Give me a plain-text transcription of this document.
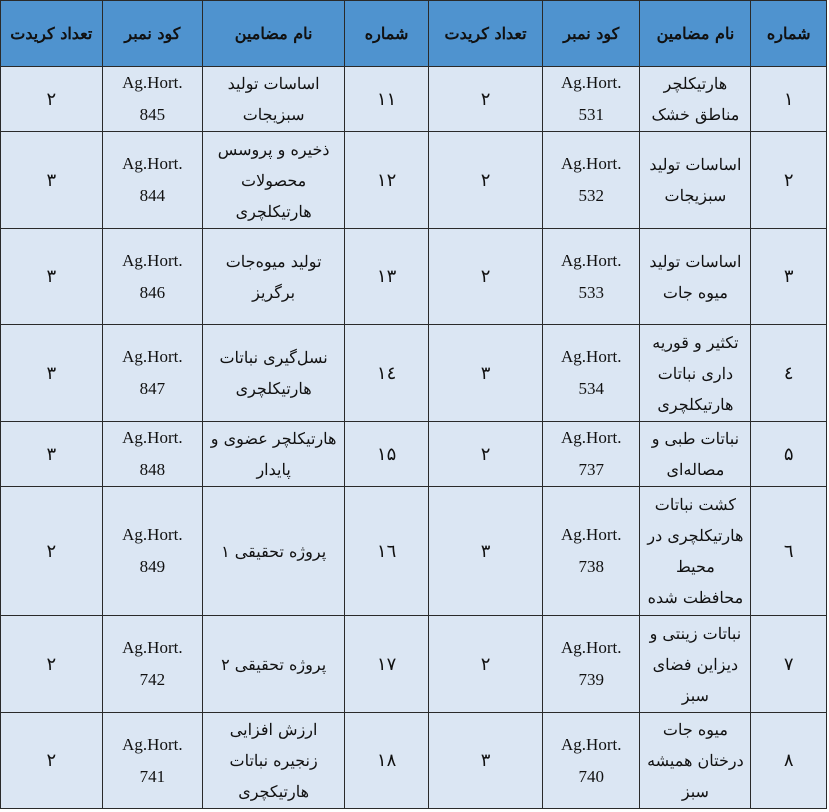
شماره	نام مضامین	کود نمبر	تعداد کریدت	شماره	نام مضامین	کود نمبر	تعداد کریدت
۱	هارتیکلچر مناطق خشک	Ag.Hort. 531	۲	۱۱	اساسات تولید سبزیجات	Ag.Hort. 845	۲
۲	اساسات تولید سبزیجات	Ag.Hort. 532	۲	۱۲	ذخیره و پروسس محصولات هارتیکلچری	Ag.Hort. 844	۳
۳	اساسات تولید میوه جات	Ag.Hort. 533	۲	۱۳	تولید میوه‌جات برگریز	Ag.Hort. 846	۳
٤	تکثیر و قوریه داری نباتات هارتیکلچری	Ag.Hort. 534	۳	١٤	نسل‌گیری نباتات هارتیکلچری	Ag.Hort. 847	۳
۵	نباتات طبی و مصاله‌ای	Ag.Hort. 737	۲	۱۵	هارتیکلچر عضوی و پایدار	Ag.Hort. 848	۳
٦	کشت نباتات هارتیکلچری در محیط محافظت شده	Ag.Hort. 738	۳	١٦	پروژه تحقیقی ۱	Ag.Hort. 849	۲
۷	نباتات زینتی و دیزاین فضای سبز	Ag.Hort. 739	۲	۱۷	پروژه تحقیقی ۲	Ag.Hort. 742	۲
۸	میوه جات درختان همیشه سبز	Ag.Hort. 740	۳	۱۸	ارزش افزایی زنجیره نباتات هارتیکچری	Ag.Hort. 741	۲
